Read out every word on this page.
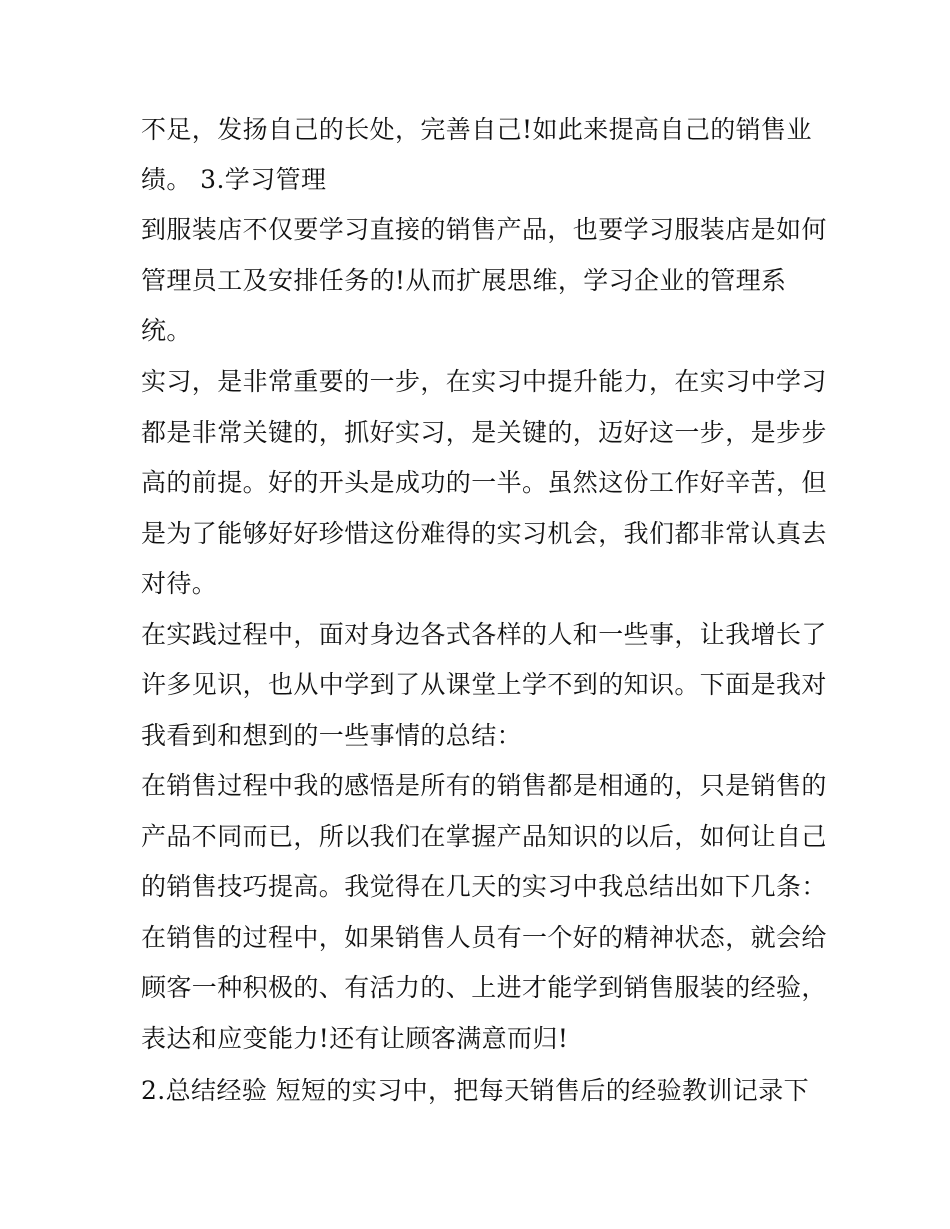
不足，发扬自己的长处，完善自己!如此来提高自己的销售业
绩。 3.学习管理
到服装店不仅要学习直接的销售产品，也要学习服装店是如何
管理员工及安排任务的!从而扩展思维，学习企业的管理系
统。
实习，是非常重要的一步，在实习中提升能力，在实习中学习
都是非常关键的，抓好实习，是关键的，迈好这一步，是步步
高的前提。好的开头是成功的一半。虽然这份工作好辛苦，但
是为了能够好好珍惜这份难得的实习机会，我们都非常认真去
对待。
在实践过程中，面对身边各式各样的人和一些事，让我增长了
许多见识，也从中学到了从课堂上学不到的知识。下面是我对
我看到和想到的一些事情的总结：
在销售过程中我的感悟是所有的销售都是相通的，只是销售的
产品不同而已，所以我们在掌握产品知识的以后，如何让自己
的销售技巧提高。我觉得在几天的实习中我总结出如下几条：
在销售的过程中，如果销售人员有一个好的精神状态，就会给
顾客一种积极的、有活力的、上进才能学到销售服装的经验，
表达和应变能力!还有让顾客满意而归!
2.总结经验 短短的实习中，把每天销售后的经验教训记录下
